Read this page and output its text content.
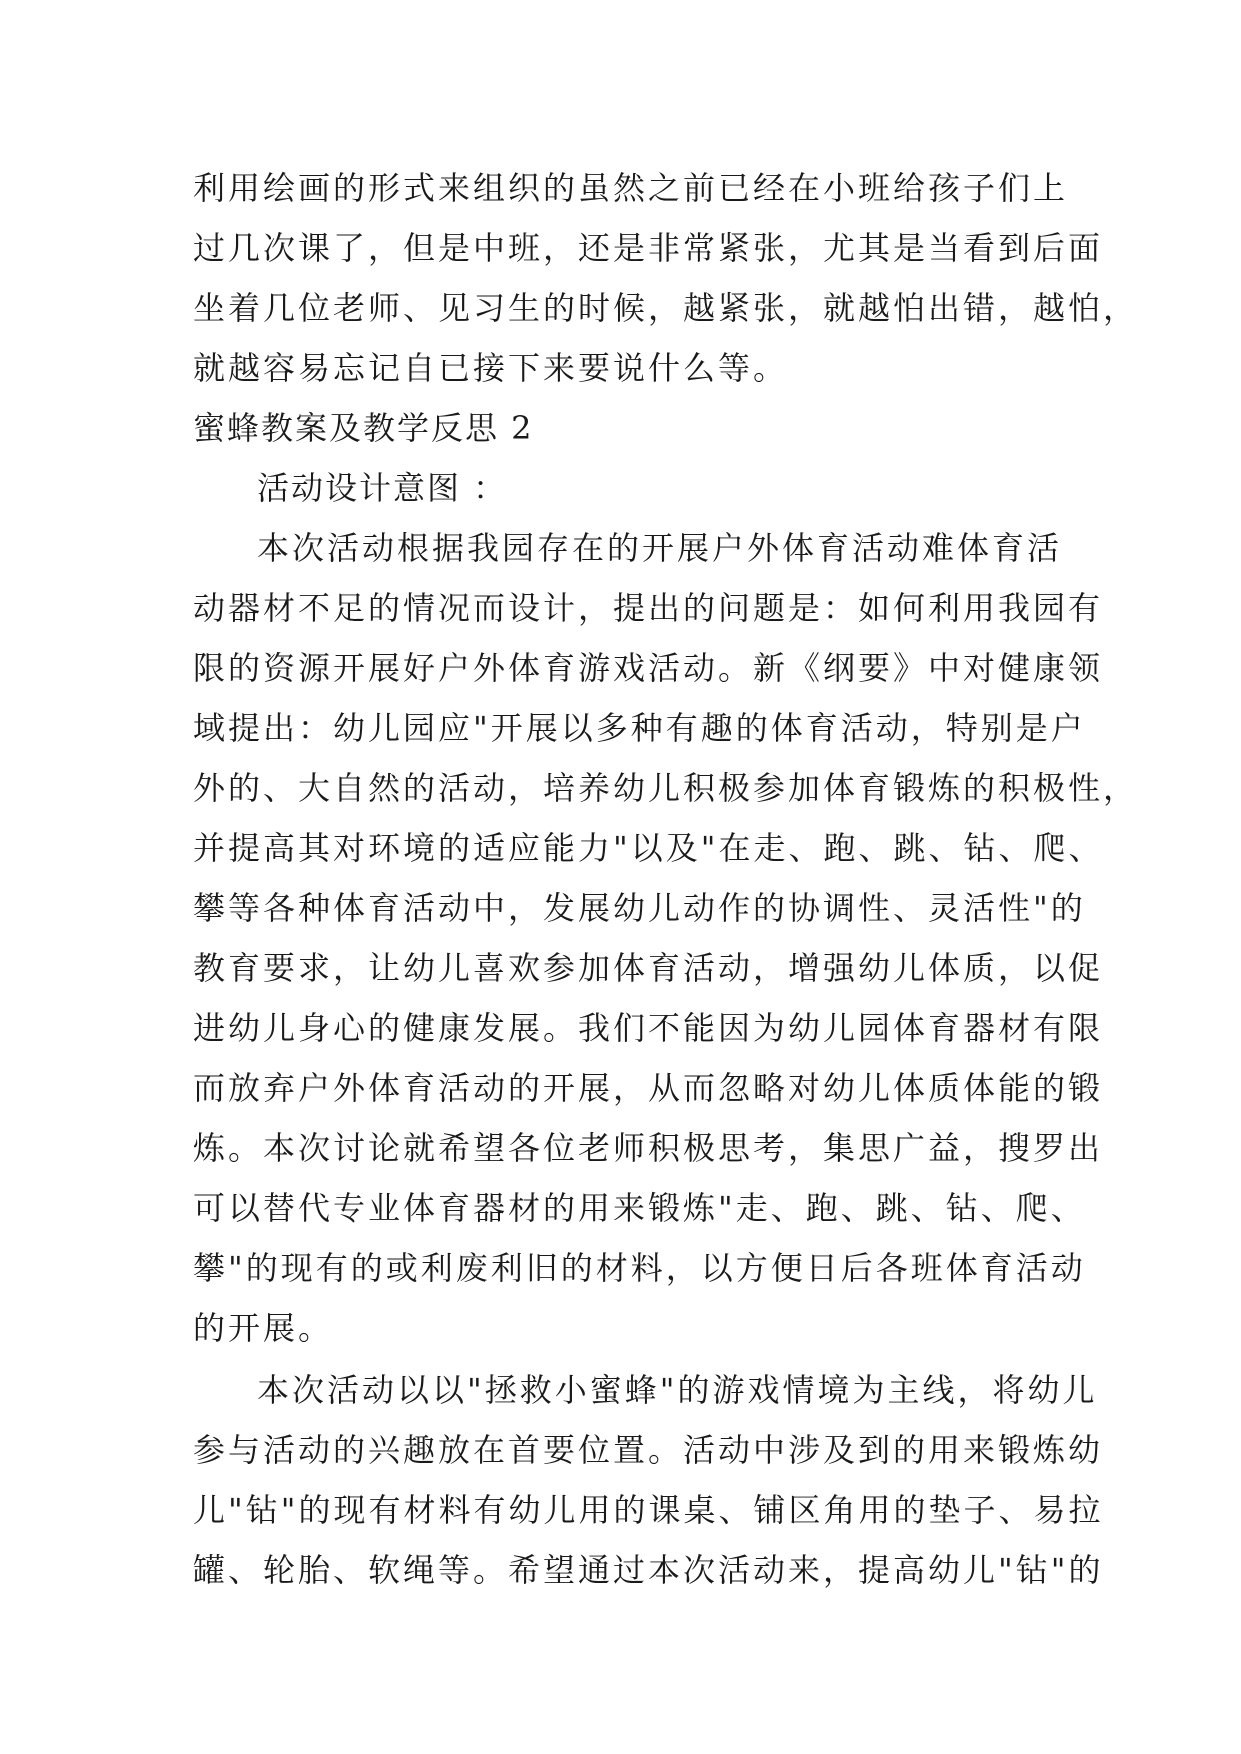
利用绘画的形式来组织的虽然之前已经在小班给孩子们上
过几次课了，但是中班，还是非常紧张，尤其是当看到后面
坐着几位老师、见习生的时候，越紧张，就越怕出错，越怕，
就越容易忘记自已接下来要说什么等。
蜜蜂教案及教学反思 2
活动设计意图 ：
本次活动根据我园存在的开展户外体育活动难体育活
动器材不足的情况而设计，提出的问题是：如何利用我园有
限的资源开展好户外体育游戏活动。新《纲要》中对健康领
域提出：幼儿园应"开展以多种有趣的体育活动，特别是户
外的、大自然的活动，培养幼儿积极参加体育锻炼的积极性，
并提高其对环境的适应能力"以及"在走、跑、跳、钻、爬、
攀等各种体育活动中，发展幼儿动作的协调性、灵活性"的
教育要求，让幼儿喜欢参加体育活动，增强幼儿体质，以促
进幼儿身心的健康发展。我们不能因为幼儿园体育器材有限
而放弃户外体育活动的开展，从而忽略对幼儿体质体能的锻
炼。本次讨论就希望各位老师积极思考，集思广益，搜罗出
可以替代专业体育器材的用来锻炼"走、跑、跳、钻、爬、
攀"的现有的或利废利旧的材料，以方便日后各班体育活动
的开展。
本次活动以以"拯救小蜜蜂"的游戏情境为主线，将幼儿
参与活动的兴趣放在首要位置。活动中涉及到的用来锻炼幼
儿"钻"的现有材料有幼儿用的课桌、铺区角用的垫子、易拉
罐、轮胎、软绳等。希望通过本次活动来，提高幼儿"钻"的
